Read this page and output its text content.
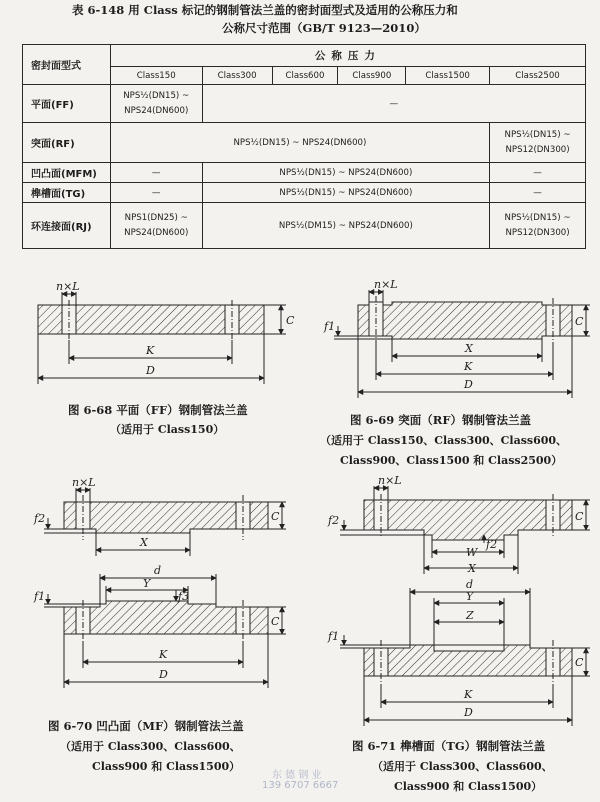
表 6-148 用 Class 标记的钢制管法兰盖的密封面型式及适用的公称压力和
公称尺寸范围（GB/T 9123—2010）
密封面型式	公称压力					
	Class150	Class300	Class600	Class900	Class1500	Class2500
平面(FF)	NPS½(DN15) ~ NPS24(DN600)	—				
突面(RF)	NPS½(DN15) ~ NPS24(DN600)					NPS½(DN15) ~ NPS12(DN300)
凹凸面(MFM)	—	NPS½(DN15) ~ NPS24(DN600)				—
榫槽面(TG)	—	NPS½(DN15) ~ NPS24(DN600)				—
环连接面(RJ)	NPS1(DN25) ~ NPS24(DN600)	NPS½(DM15) ~ NPS24(DN600)				NPS½(DN15) ~ NPS12(DN300)
n×L
C
K
D
n×L
C
f1
X
K
D
n×L
C
f2
X
d
Y
f3
f1
C
K
D
n×L
C
f2
W
f2
X
d
Y
Z
f1
C
K
D
图 6-68 平面（FF）钢制管法兰盖
（适用于 Class150）
图 6-69 突面（RF）钢制管法兰盖
（适用于 Class150、Class300、Class600、
Class900、Class1500 和 Class2500）
图 6-70 凹凸面（MF）钢制管法兰盖
（适用于 Class300、Class600、
Class900 和 Class1500）
图 6-71 榫槽面（TG）钢制管法兰盖
（适用于 Class300、Class600、
Class900 和 Class1500）
东 德 钢 业
139 6707 6667
